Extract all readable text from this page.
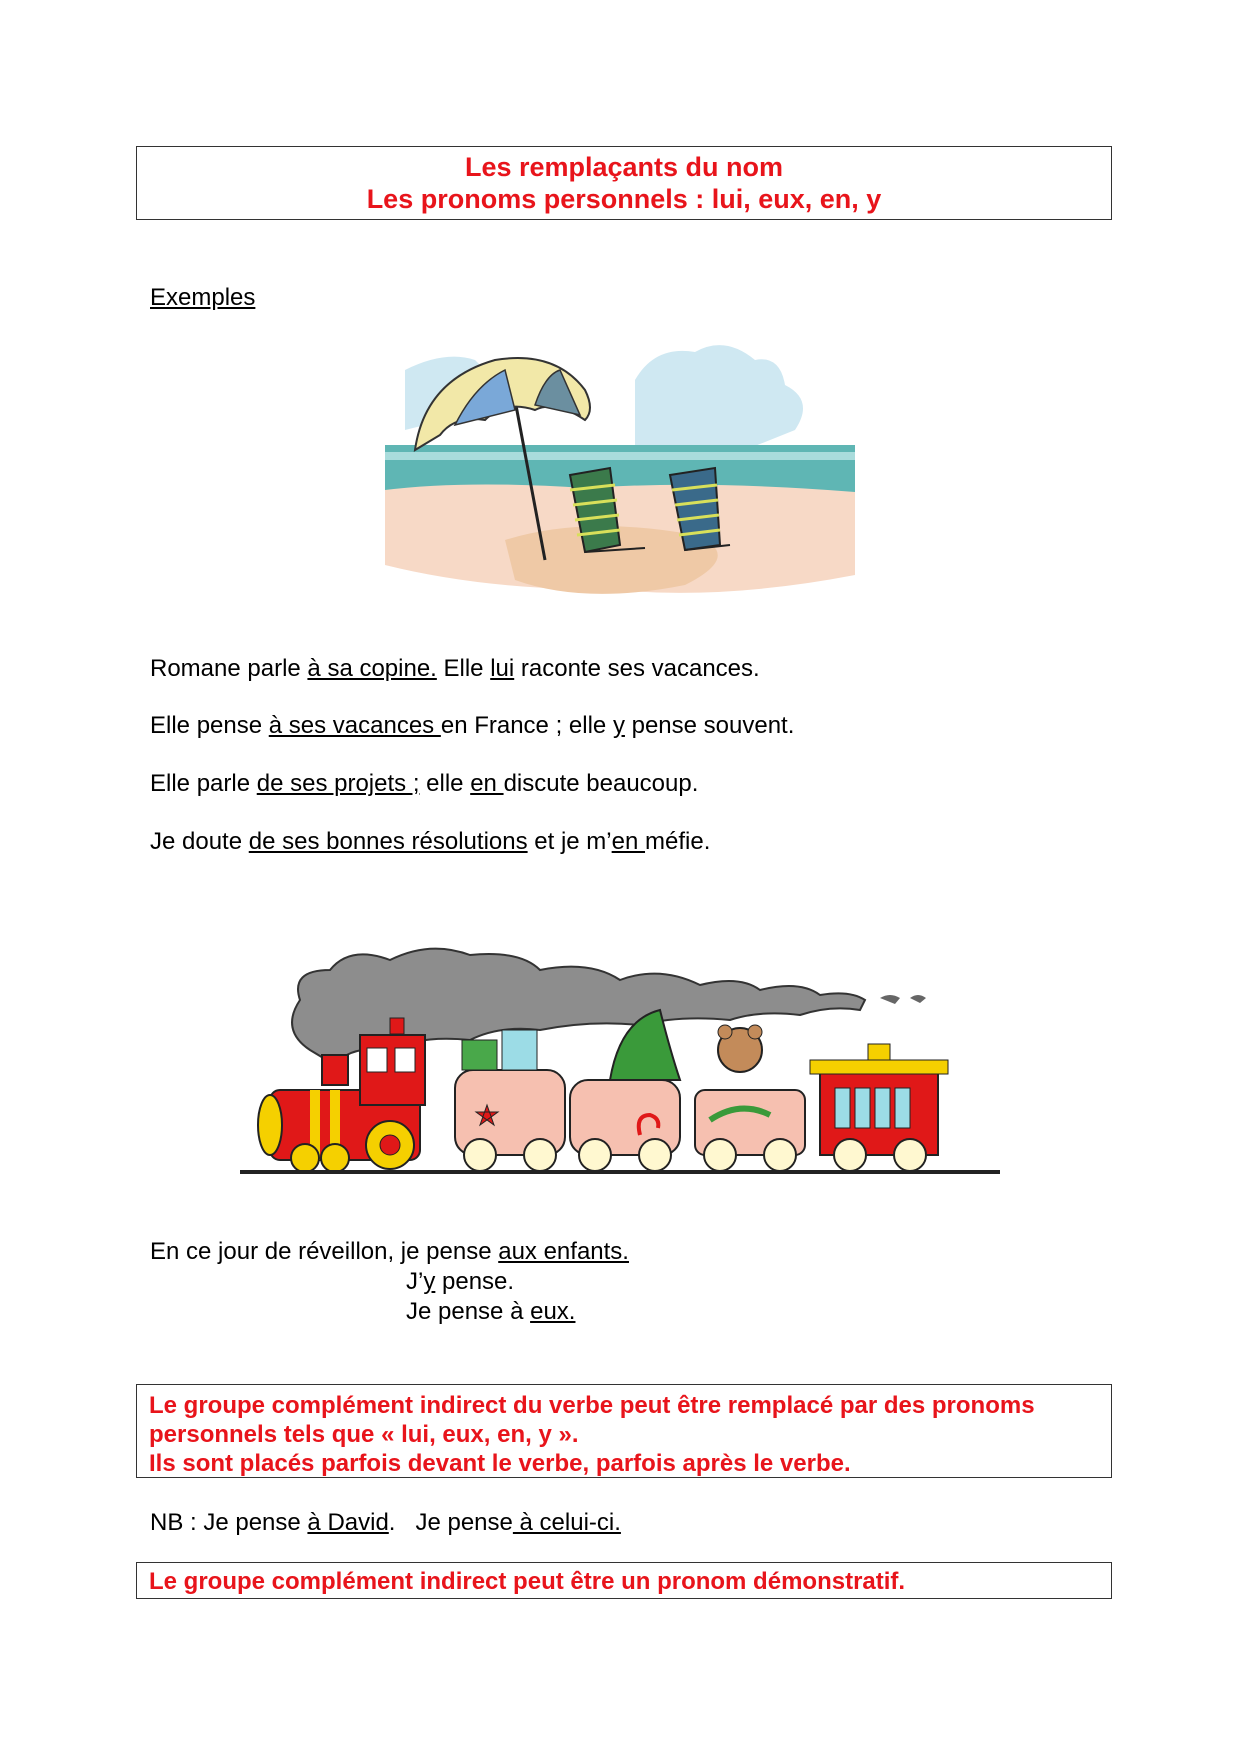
Les remplaçants du nom
Les pronoms personnels : lui, eux, en, y
Exemples
Romane parle à sa copine. Elle lui raconte ses vacances.
Elle pense à ses vacances en France ; elle y pense souvent.
Elle parle de ses projets ; elle en discute beaucoup.
Je doute de ses bonnes résolutions et je m’en méfie.
En ce jour de réveillon, je pense aux enfants.
J’y pense.
Je pense à eux.
Le groupe complément indirect du verbe peut être remplacé par des pronoms
personnels tels que « lui, eux, en, y ».
Ils sont placés parfois devant le verbe, parfois après le verbe.
NB : Je pense à David.   Je pense à celui-ci.
Le groupe complément indirect peut être un pronom démonstratif.
